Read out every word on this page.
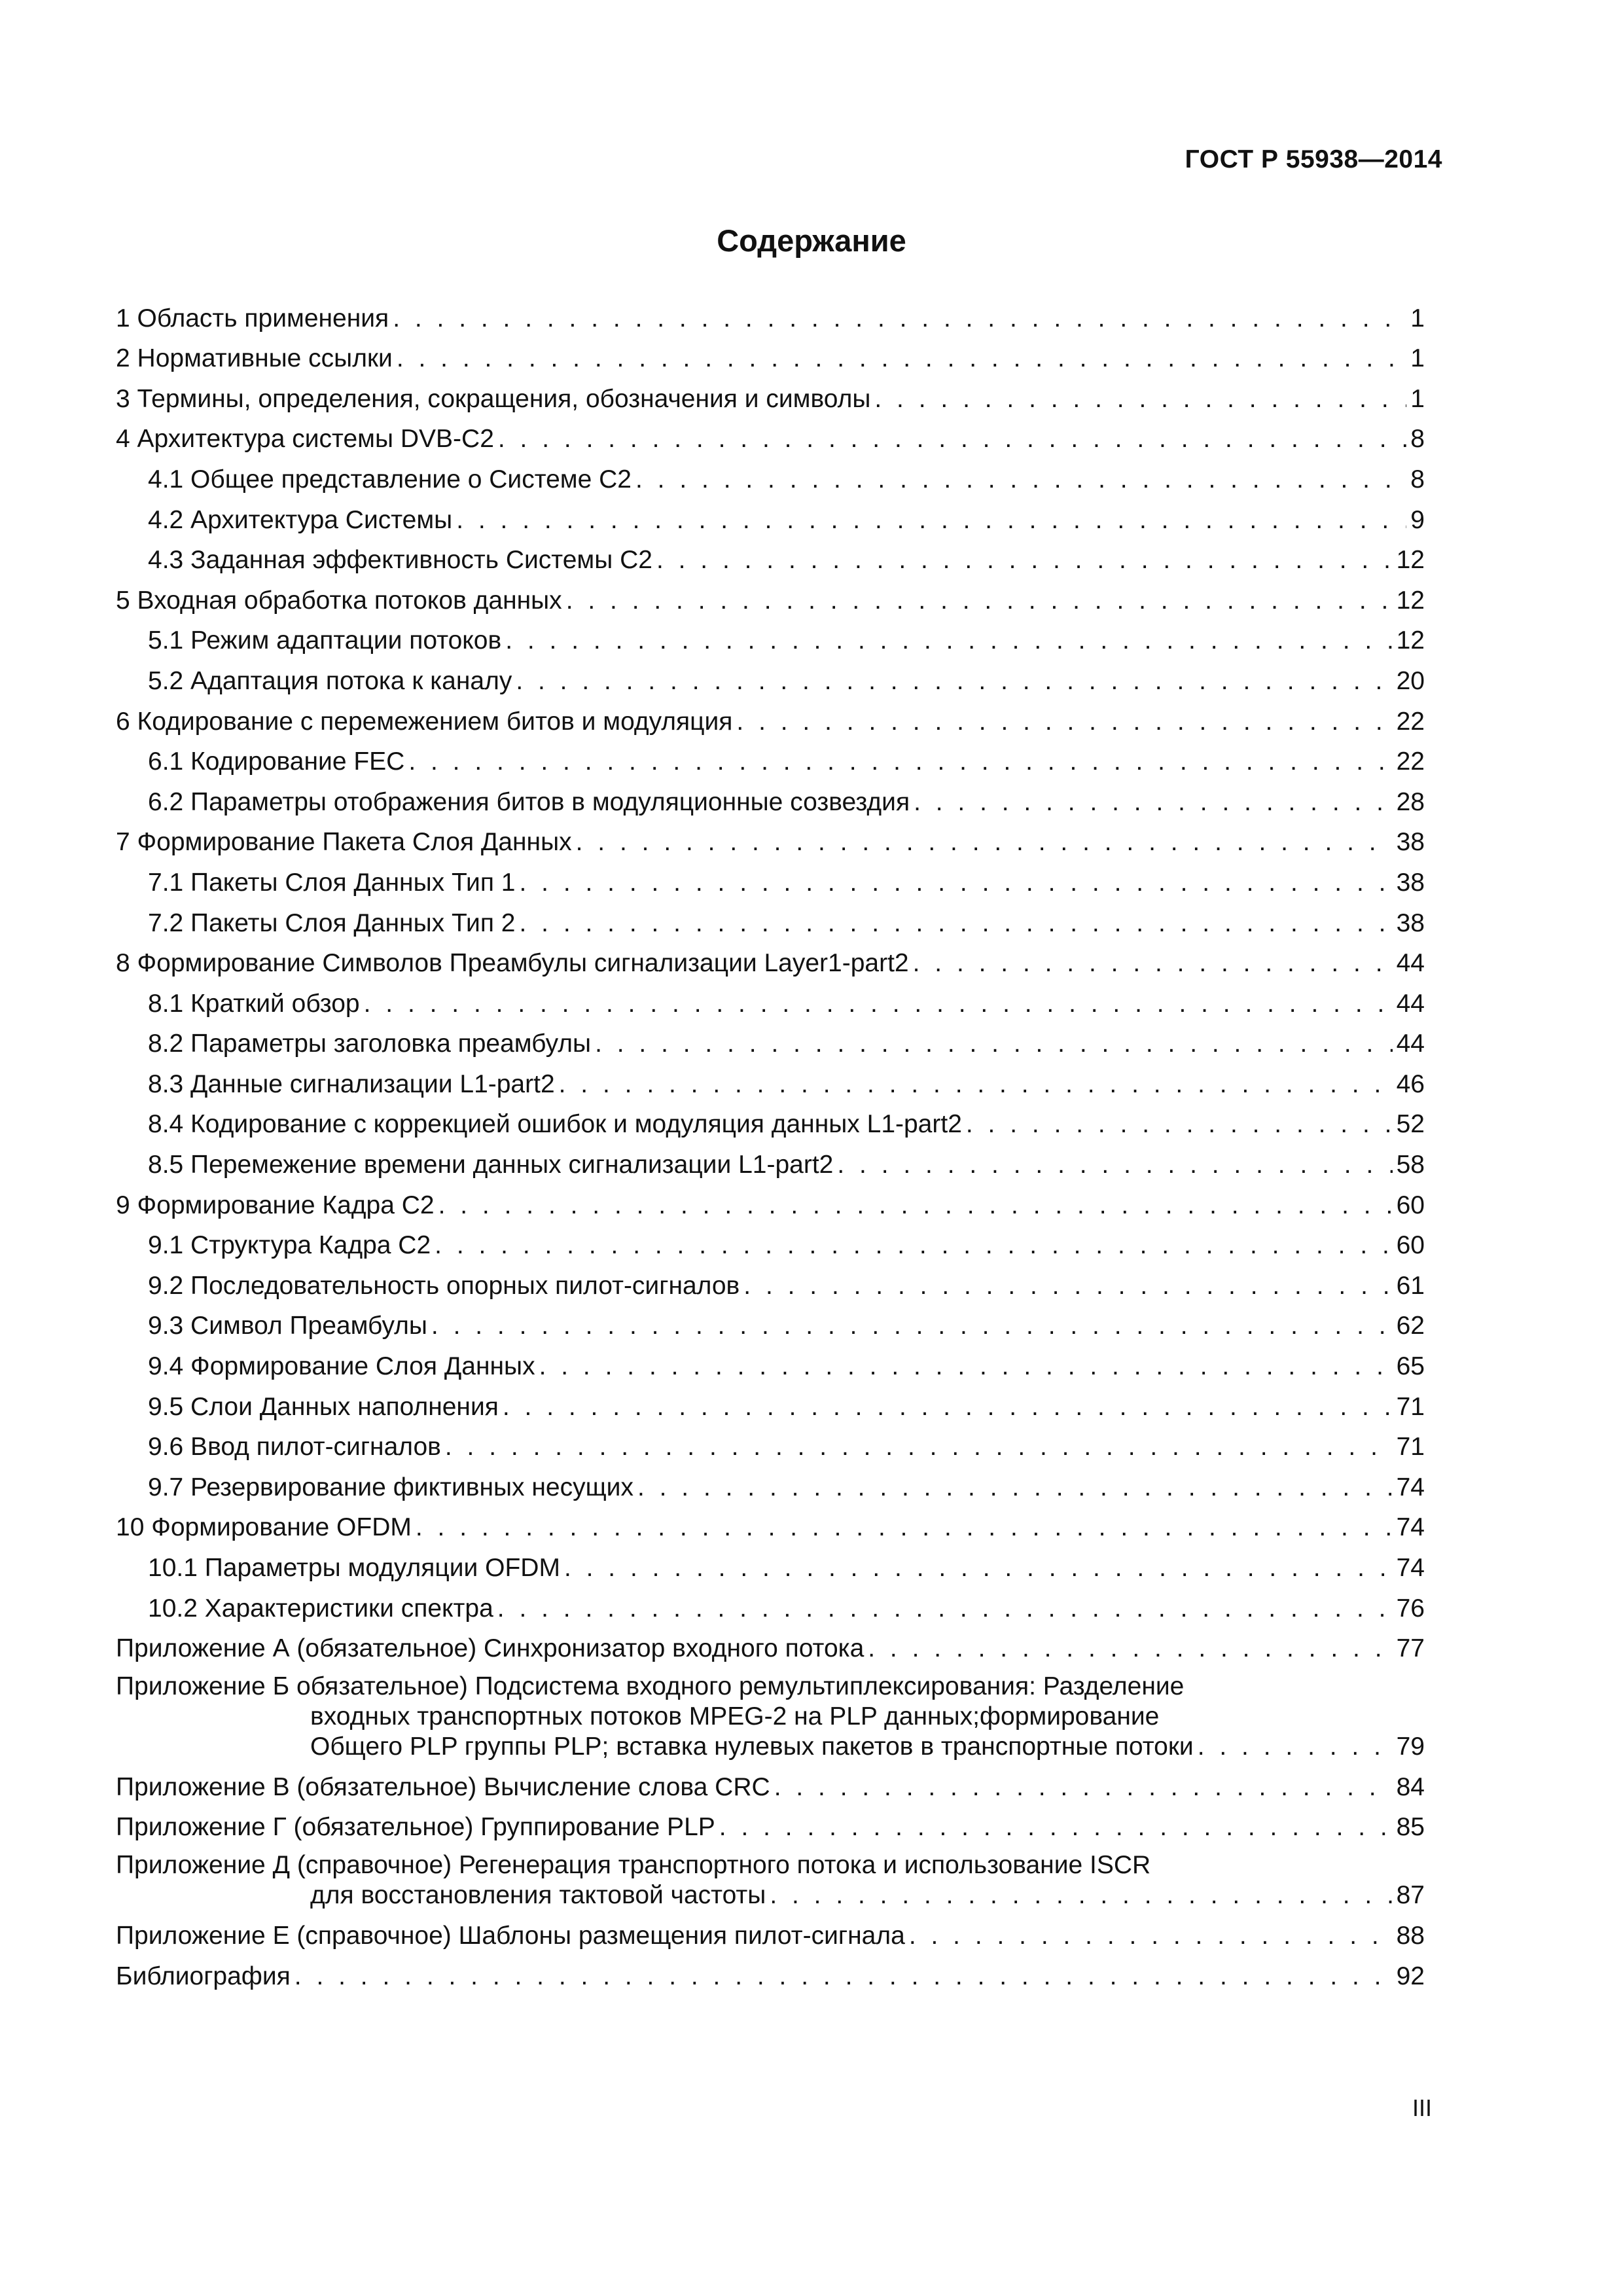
ГОСТ Р 55938—2014
Содержание
1 Область применения . . .	1
2 Нормативные ссылки . . .	1
3 Термины, определения, сокращения, обозначения и символы . . .	1
4 Архитектура системы DVB-C2 . . .	8
4.1 Общее представление о Системе С2 . . .	8
4.2 Архитектура Системы . . .	9
4.3 Заданная эффективность Системы С2 . . .	12
5 Входная обработка потоков данных . . .	12
5.1 Режим адаптации потоков . . .	12
5.2 Адаптация потока к каналу . . .	20
6 Кодирование с перемежением битов и модуляция . . .	22
6.1 Кодирование FEC . . .	22
6.2 Параметры отображения битов в модуляционные созвездия . . .	28
7 Формирование Пакета Слоя Данных . . .	38
7.1 Пакеты Слоя Данных Тип 1 . . .	38
7.2 Пакеты Слоя Данных Тип 2 . . .	38
8 Формирование Символов Преамбулы сигнализации Layer1-part2 . . .	44
8.1 Краткий обзор . . .	44
8.2 Параметры заголовка преамбулы . . .	44
8.3 Данные сигнализации L1-part2 . . .	46
8.4 Кодирование с коррекцией ошибок и модуляция данных L1-part2 . . .	52
8.5 Перемежение времени данных сигнализации L1-part2 . . .	58
9 Формирование Кадра С2 . . .	60
9.1 Структура Кадра С2 . . .	60
9.2 Последовательность опорных пилот-сигналов . . .	61
9.3 Символ Преамбулы . . .	62
9.4 Формирование Слоя Данных . . .	65
9.5 Слои Данных наполнения . . .	71
9.6 Ввод пилот-сигналов . . .	71
9.7 Резервирование фиктивных несущих . . .	74
10 Формирование OFDM . . .	74
10.1 Параметры модуляции OFDM . . .	74
10.2 Характеристики спектра . . .	76
Приложение А (обязательное) Синхронизатор входного потока . . .	77
Приложение Б обязательное) Подсистема входного ремультиплексирования: Разделение
входных транспортных потоков MPEG-2 на PLP данных;формирование
Общего PLP группы PLP; вставка нулевых пакетов в транспортные потоки . . .	79
Приложение В (обязательное) Вычисление слова CRC . . .	84
Приложение Г (обязательное) Группирование PLP . . .	85
Приложение Д (справочное) Регенерация транспортного потока и использование ISCR
для восстановления тактовой частоты . . .	87
Приложение Е (справочное) Шаблоны размещения пилот-сигнала . . .	88
Библиография . . .	92
III
